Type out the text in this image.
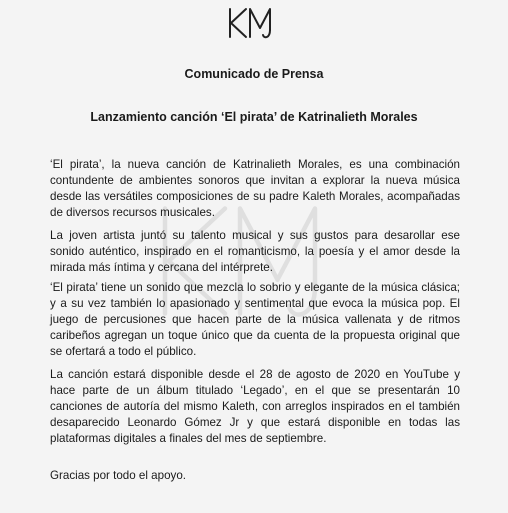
Comunicado de Prensa
Lanzamiento canción ‘El pirata’ de Katrinalieth Morales

‘El pirata’, la nueva canción de Katrinalieth Morales, es una combinación contundente de ambientes sonoros que invitan a explorar la nueva música desde las versátiles composiciones de su padre Kaleth Morales, acompañadas de diversos recursos musicales.

La joven artista juntó su talento musical y sus gustos para desarollar ese sonido auténtico, inspirado en el romanticismo, la poesía y el amor desde la mirada más íntima y cercana del intérprete.

‘El pirata’ tiene un sonido que mezcla lo sobrio y elegante de la música clásica; y a su vez también lo apasionado y sentimental que evoca la música pop. El juego de percusiones que hacen parte de la música vallenata y de ritmos caribeños agregan un toque único que da cuenta de la propuesta original que se ofertará a todo el público.

La canción estará disponible desde el 28 de agosto de 2020 en YouTube y hace parte de un álbum titulado ‘Legado’, en el que se presentarán 10 canciones de autoría del mismo Kaleth, con arreglos inspirados en el también desaparecido Leonardo Gómez Jr y que estará disponible en todas las plataformas digitales a finales del mes de septiembre.

Gracias por todo el apoyo.
